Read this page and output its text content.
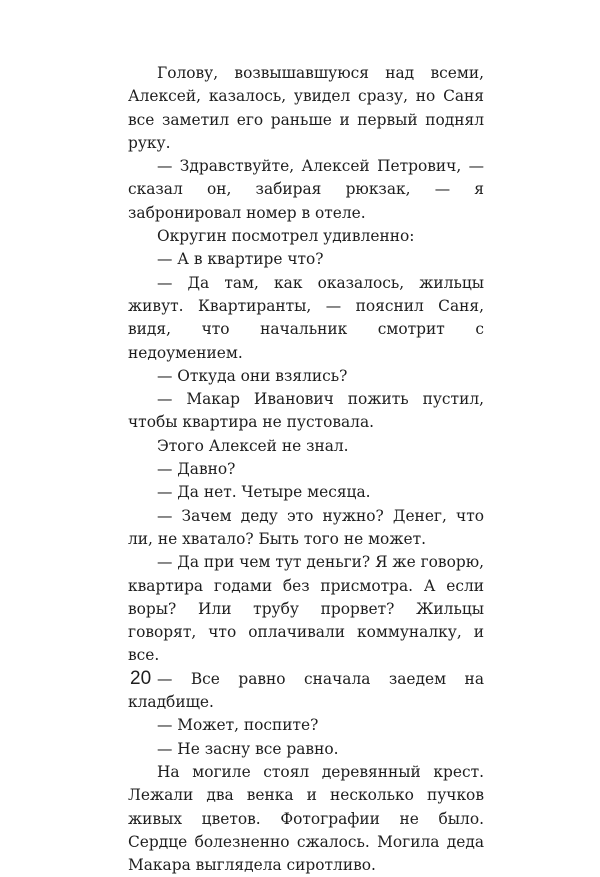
Голову, возвышавшуюся над всеми, Алексей, казалось, увидел сразу, но Саня все заметил его раньше и первый поднял руку.

— Здравствуйте, Алексей Петрович, — сказал он, забирая рюкзак, — я забронировал номер в отеле.

Округин посмотрел удивленно:

— А в квартире что?

— Да там, как оказалось, жильцы живут. Квартиранты, — пояснил Саня, видя, что начальник смотрит с недоумением.

— Откуда они взялись?

— Макар Иванович пожить пустил, чтобы квартира не пустовала.

Этого Алексей не знал.

— Давно?

— Да нет. Четыре месяца.

— Зачем деду это нужно? Денег, что ли, не хватало? Быть того не может.

— Да при чем тут деньги? Я же говорю, квартира годами без присмотра. А если воры? Или трубу прорвет? Жильцы говорят, что оплачивали коммуналку, и все.

— Все равно сначала заедем на кладбище.

— Может, поспите?

— Не засну все равно.

На могиле стоял деревянный крест. Лежали два венка и несколько пучков живых цветов. Фотографии не было. Сердце болезненно сжалось. Могила деда Макара выглядела сиротливо.

20
